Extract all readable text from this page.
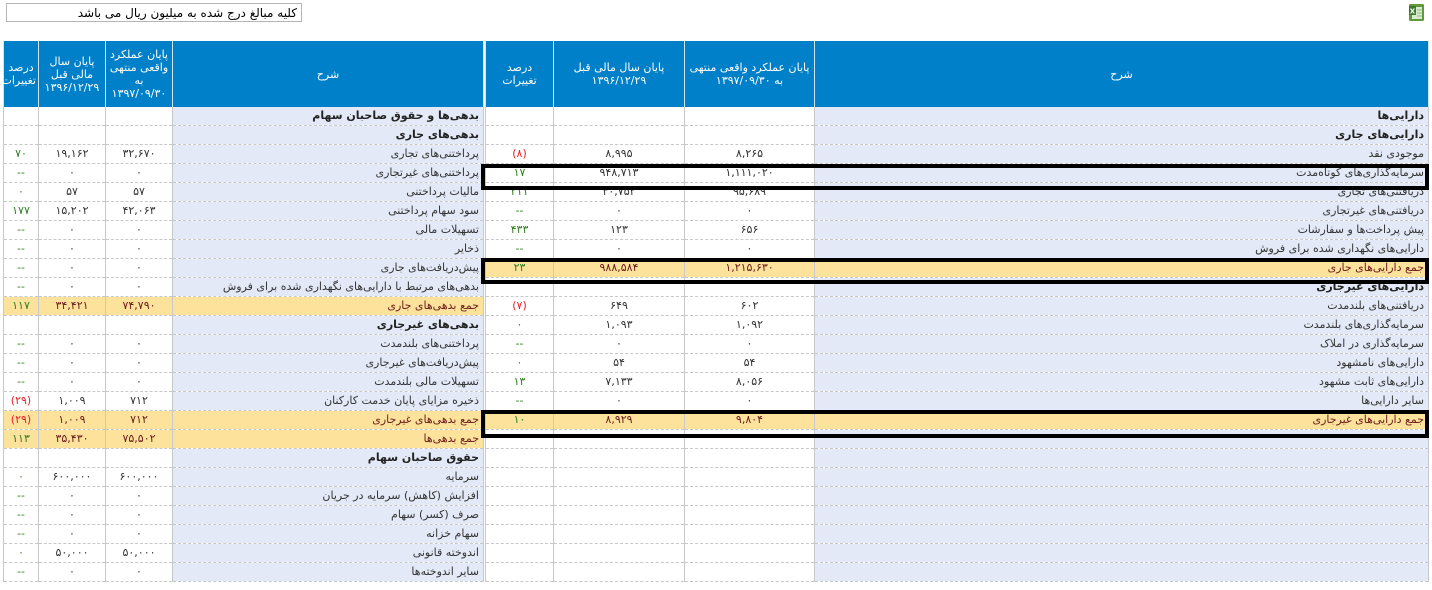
کلیه مبالغ درج شده به میلیون ریال می باشد	X
شرح	پایان عملکرد واقعی منتهی به ۱۳۹۷/۰۹/۳۰	پایان سال مالی قبل ۱۳۹۶/۱۲/۲۹	درصد تغییرات
دارایی‌ها			
دارایی‌های جاری			
موجودی نقد	۸,۲۶۵	۸,۹۹۵	(۸)
سرمایه‌گذاری‌های کوتاه‌مدت	۱,۱۱۱,۰۲۰	۹۴۸,۷۱۳	۱۷
دریافتنی‌های تجاری	۹۵,۶۸۹	۳۰,۷۵۲	۲۱۱
دریافتنی‌های غیرتجاری	۰	۰	--
پیش پرداخت‌ها و سفارشات	۶۵۶	۱۲۳	۴۳۳
دارایی‌های نگهداری شده برای فروش	۰	۰	--
جمع دارایی‌های جاری	۱,۲۱۵,۶۳۰	۹۸۸,۵۸۴	۲۳
دارایی‌های غیرجاری			
دریافتنی‌های بلندمدت	۶۰۲	۶۴۹	(۷)
سرمایه‌گذاری‌های بلندمدت	۱,۰۹۲	۱,۰۹۳	۰
سرمایه‌گذاری در املاک	۰	۰	--
دارایی‌های نامشهود	۵۴	۵۴	۰
دارایی‌های ثابت مشهود	۸,۰۵۶	۷,۱۳۳	۱۳
سایر دارایی‌ها	۰	۰	--
جمع دارایی‌های غیرجاری	۹,۸۰۴	۸,۹۲۹	۱۰

شرح	پایان عملکرد واقعی منتهی به ۱۳۹۷/۰۹/۳۰	پایان سال مالی قبل ۱۳۹۶/۱۲/۲۹	درصد تغییرات
بدهی‌ها و حقوق صاحبان سهام			
بدهی‌های جاری			
پرداختنی‌های تجاری	۳۲,۶۷۰	۱۹,۱۶۲	۷۰
پرداختنی‌های غیرتجاری	۰	۰	--
مالیات پرداختنی	۵۷	۵۷	۰
سود سهام پرداختنی	۴۲,۰۶۳	۱۵,۲۰۲	۱۷۷
تسهیلات مالی	۰	۰	--
ذخایر	۰	۰	--
پیش‌دریافت‌های جاری	۰	۰	--
بدهی‌های مرتبط با دارایی‌های نگهداری شده برای فروش	۰	۰	--
جمع بدهی‌های جاری	۷۴,۷۹۰	۳۴,۴۲۱	۱۱۷
بدهی‌های غیرجاری			
پرداختنی‌های بلندمدت	۰	۰	--
پیش‌دریافت‌های غیرجاری	۰	۰	--
تسهیلات مالی بلندمدت	۰	۰	--
ذخیره مزایای پایان خدمت کارکنان	۷۱۲	۱,۰۰۹	(۲۹)
جمع بدهی‌های غیرجاری	۷۱۲	۱,۰۰۹	(۲۹)
جمع بدهی‌ها	۷۵,۵۰۲	۳۵,۴۳۰	۱۱۳
حقوق صاحبان سهام			
سرمایه	۶۰۰,۰۰۰	۶۰۰,۰۰۰	۰
افزایش (کاهش) سرمایه در جریان	۰	۰	--
صرف (کسر) سهام	۰	۰	--
سهام خزانه	۰	۰	--
اندوخته قانونی	۵۰,۰۰۰	۵۰,۰۰۰	۰
سایر اندوخته‌ها	۰	۰	--
